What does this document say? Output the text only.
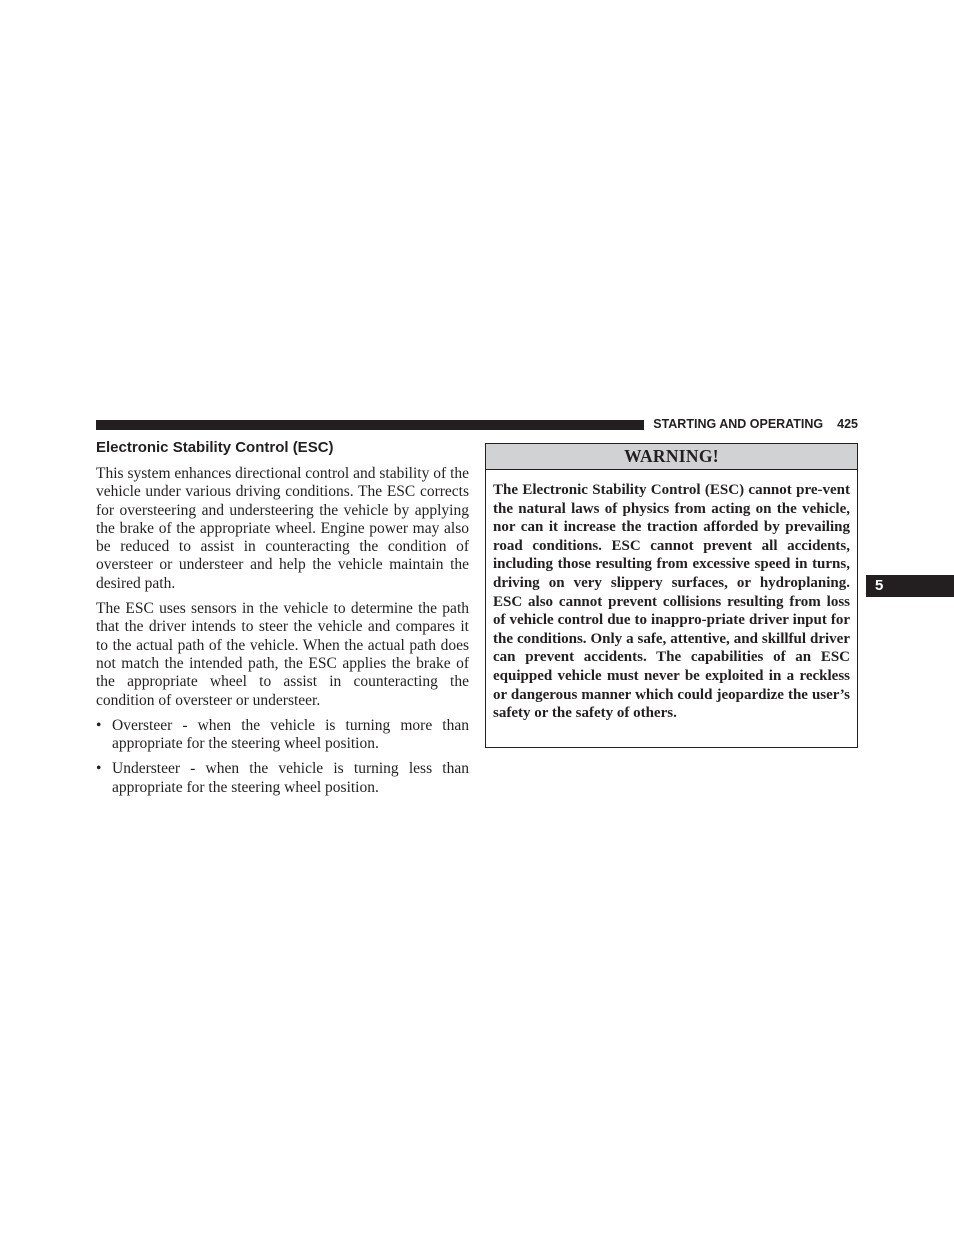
STARTING AND OPERATING 425
Electronic Stability Control (ESC)

This system enhances directional control and stability of the vehicle under various driving conditions. The ESC corrects for oversteering and understeering the vehicle by applying the brake of the appropriate wheel. Engine power may also be reduced to assist in counteracting the condition of oversteer or understeer and help the vehicle maintain the desired path.

The ESC uses sensors in the vehicle to determine the path that the driver intends to steer the vehicle and compares it to the actual path of the vehicle. When the actual path does not match the intended path, the ESC applies the brake of the appropriate wheel to assist in counteracting the condition of oversteer or understeer.

• Oversteer - when the vehicle is turning more than appropriate for the steering wheel position.
• Understeer - when the vehicle is turning less than appropriate for the steering wheel position.
WARNING!
The Electronic Stability Control (ESC) cannot pre-vent the natural laws of physics from acting on the vehicle, nor can it increase the traction afforded by prevailing road conditions. ESC cannot prevent all accidents, including those resulting from excessive speed in turns, driving on very slippery surfaces, or hydroplaning. ESC also cannot prevent collisions resulting from loss of vehicle control due to inappro-priate driver input for the conditions. Only a safe, attentive, and skillful driver can prevent accidents. The capabilities of an ESC equipped vehicle must never be exploited in a reckless or dangerous manner which could jeopardize the user’s safety or the safety of others.
5
